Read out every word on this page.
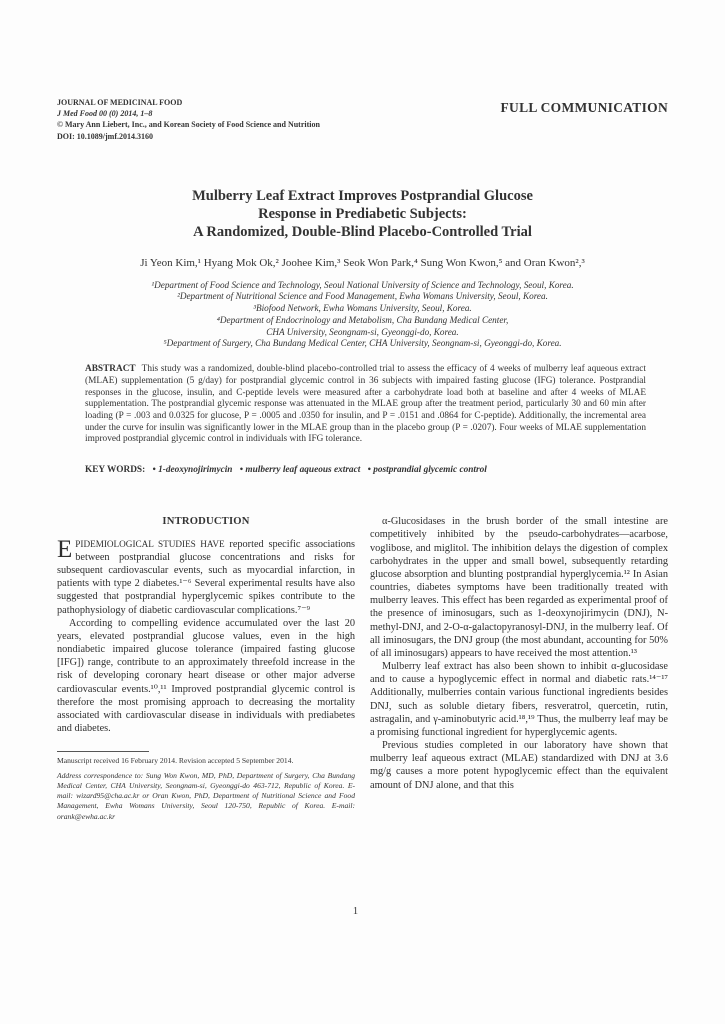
JOURNAL OF MEDICINAL FOOD
J Med Food 00 (0) 2014, 1–8
© Mary Ann Liebert, Inc., and Korean Society of Food Science and Nutrition
DOI: 10.1089/jmf.2014.3160
FULL COMMUNICATION
Mulberry Leaf Extract Improves Postprandial Glucose
Response in Prediabetic Subjects:
A Randomized, Double-Blind Placebo-Controlled Trial
Ji Yeon Kim,¹ Hyang Mok Ok,² Joohee Kim,³ Seok Won Park,⁴ Sung Won Kwon,⁵ and Oran Kwon²,³
¹Department of Food Science and Technology, Seoul National University of Science and Technology, Seoul, Korea.
²Department of Nutritional Science and Food Management, Ewha Womans University, Seoul, Korea.
³Biofood Network, Ewha Womans University, Seoul, Korea.
⁴Department of Endocrinology and Metabolism, Cha Bundang Medical Center,
CHA University, Seongnam-si, Gyeonggi-do, Korea.
⁵Department of Surgery, Cha Bundang Medical Center, CHA University, Seongnam-si, Gyeonggi-do, Korea.
ABSTRACT This study was a randomized, double-blind placebo-controlled trial to assess the efficacy of 4 weeks of mulberry leaf aqueous extract (MLAE) supplementation (5 g/day) for postprandial glycemic control in 36 subjects with impaired fasting glucose (IFG) tolerance. Postprandial responses in the glucose, insulin, and C-peptide levels were measured after a carbohydrate load both at baseline and after 4 weeks of MLAE supplementation. The postprandial glycemic response was attenuated in the MLAE group after the treatment period, particularly 30 and 60 min after loading (P = .003 and 0.0325 for glucose, P = .0005 and .0350 for insulin, and P = .0151 and .0864 for C-peptide). Additionally, the incremental area under the curve for insulin was significantly lower in the MLAE group than in the placebo group (P = .0207). Four weeks of MLAE supplementation improved postprandial glycemic control in individuals with IFG tolerance.
KEY WORDS: • 1-deoxynojirimycin • mulberry leaf aqueous extract • postprandial glycemic control
INTRODUCTION

EPIDEMIOLOGICAL STUDIES HAVE reported specific associations between postprandial glucose concentrations and risks for subsequent cardiovascular events, such as myocardial infarction, in patients with type 2 diabetes.¹⁻⁶ Several experimental results have also suggested that postprandial hyperglycemic spikes contribute to the pathophysiology of diabetic cardiovascular complications.⁷⁻⁹

According to compelling evidence accumulated over the last 20 years, elevated postprandial glucose values, even in the high nondiabetic impaired glucose tolerance (impaired fasting glucose [IFG]) range, contribute to an approximately threefold increase in the risk of developing coronary heart disease or other major adverse cardiovascular events.¹⁰,¹¹ Improved postprandial glycemic control is therefore the most promising approach to decreasing the mortality associated with cardiovascular disease in individuals with prediabetes and diabetes.

Manuscript received 16 February 2014. Revision accepted 5 September 2014.
Address correspondence to: Sung Won Kwon, MD, PhD, Department of Surgery, Cha Bundang Medical Center, CHA University, Seongnam-si, Gyeonggi-do 463-712, Republic of Korea. E-mail: wizard95@cha.ac.kr or Oran Kwon, PhD, Department of Nutritional Science and Food Management, Ewha Womans University, Seoul 120-750, Republic of Korea. E-mail: orank@ewha.ac.kr

α-Glucosidases in the brush border of the small intestine are competitively inhibited by the pseudo-carbohydrates—acarbose, voglibose, and miglitol. The inhibition delays the digestion of complex carbohydrates in the upper and small bowel, subsequently retarding glucose absorption and blunting postprandial hyperglycemia.¹² In Asian countries, diabetes symptoms have been traditionally treated with mulberry leaves. This effect has been regarded as experimental proof of the presence of iminosugars, such as 1-deoxynojirimycin (DNJ), N-methyl-DNJ, and 2-O-α-galactopyranosyl-DNJ, in the mulberry leaf. Of all iminosugars, the DNJ group (the most abundant, accounting for 50% of all iminosugars) appears to have received the most attention.¹³

Mulberry leaf extract has also been shown to inhibit α-glucosidase and to cause a hypoglycemic effect in normal and diabetic rats.¹⁴⁻¹⁷ Additionally, mulberries contain various functional ingredients besides DNJ, such as soluble dietary fibers, resveratrol, quercetin, rutin, astragalin, and γ-aminobutyric acid.¹⁸,¹⁹ Thus, the mulberry leaf may be a promising functional ingredient for hyperglycemic agents.

Previous studies completed in our laboratory have shown that mulberry leaf aqueous extract (MLAE) standardized with DNJ at 3.6 mg/g causes a more potent hypoglycemic effect than the equivalent amount of DNJ alone, and that this

1
